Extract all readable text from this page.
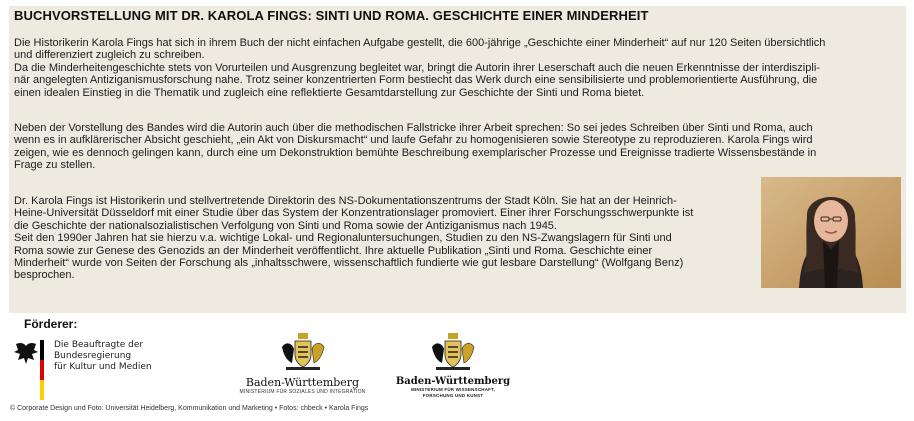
BUCHVORSTELLUNG MIT DR. KAROLA FINGS: SINTI UND ROMA. GESCHICHTE EINER MINDERHEIT
Die Historikerin Karola Fings hat sich in ihrem Buch der nicht einfachen Aufgabe gestellt, die 600-jährige „Geschichte einer Minderheit“ auf nur 120 Seiten übersichtlich
und differenziert zugleich zu schreiben.
Da die Minderheitengeschichte stets von Vorurteilen und Ausgrenzung begleitet war, bringt die Autorin ihrer Leserschaft auch die neuen Erkenntnisse der interdiszipli-
när angelegten Antiziganismusforschung nahe. Trotz seiner konzentrierten Form bestiecht das Werk durch eine sensibilisierte und problemorientierte Ausführung, die
einen idealen Einstieg in die Thematik und zugleich eine reflektierte Gesamtdarstellung zur Geschichte der Sinti und Roma bietet.
Neben der Vorstellung des Bandes wird die Autorin auch über die methodischen Fallstricke ihrer Arbeit sprechen: So sei jedes Schreiben über Sinti und Roma, auch
wenn es in aufklärerischer Absicht geschieht, „ein Akt von Diskursmacht“ und laufe Gefahr zu homogenisieren sowie Stereotype zu reproduzieren. Karola Fings wird
zeigen, wie es dennoch gelingen kann, durch eine um Dekonstruktion bemühte Beschreibung exemplarischer Prozesse und Ereignisse tradierte Wissensbestände in
Frage zu stellen.
Dr. Karola Fings ist Historikerin und stellvertretende Direktorin des NS-Dokumentationszentrums der Stadt Köln. Sie hat an der Heinrich-
Heine-Universität Düsseldorf mit einer Studie über das System der Konzentrationslager promoviert. Einer ihrer Forschungsschwerpunkte ist
die Geschichte der nationalsozialistischen Verfolgung von Sinti und Roma sowie der Antiziganismus nach 1945.
Seit den 1990er Jahren hat sie hierzu v.a. wichtige Lokal- und Regionaluntersuchungen, Studien zu den NS-Zwangslagern für Sinti und
Roma sowie zur Genese des Genozids an der Minderheit veröffentlicht. Ihre aktuelle Publikation „Sinti und Roma. Geschichte einer
Minderheit“ wurde von Seiten der Forschung als „inhaltsschwere, wissenschaftlich fundierte wie gut lesbare Darstellung“ (Wolfgang Benz)
besprochen.
Förderer:
Die Beauftragte der Bundesregierung
für Kultur und Medien
Baden-Württemberg
MINISTERIUM FÜR SOZIALES UND INTEGRATION
Baden-Württemberg
MINISTERIUM FÜR WISSENSCHAFT,
FORSCHUNG UND KUNST
© Corporate Design und Foto: Universität Heidelberg, Kommunikation und Marketing • Fotos: chbeck • Karola Fings
